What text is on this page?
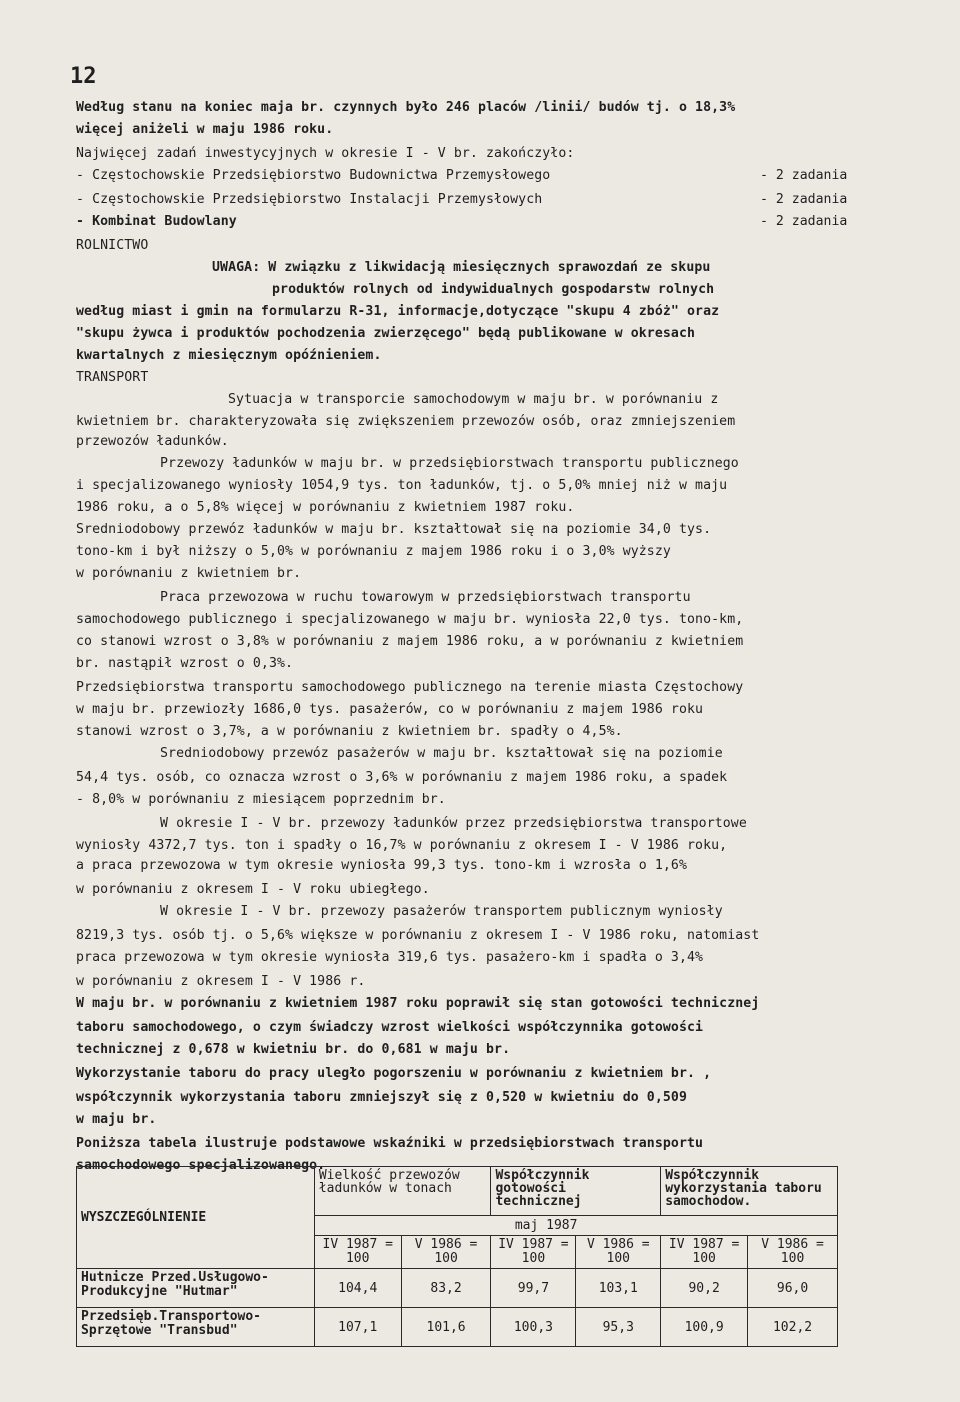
12
Według stanu na koniec maja br. czynnych było 246 placów /linii/ budów tj. o 18,3%
więcej aniżeli w maju 1986 roku.
Najwięcej zadań inwestycyjnych w okresie I - V br. zakończyło:
- Częstochowskie Przedsiębiorstwo Budownictwa Przemysłowego	- 2 zadania
- Częstochowskie Przedsiębiorstwo Instalacji Przemysłowych	- 2 zadania
- Kombinat Budowlany	- 2 zadania
ROLNICTWO
UWAGA: W związku z likwidacją miesięcznych sprawozdań ze skupu
produktów rolnych od indywidualnych gospodarstw rolnych
według miast i gmin na formularzu R-31, informacje,dotyczące "skupu 4 zbóż" oraz
"skupu żywca i produktów pochodzenia zwierzęcego" będą publikowane w okresach
kwartalnych z miesięcznym opóźnieniem.
TRANSPORT
Sytuacja w transporcie samochodowym w maju br. w porównaniu z
kwietniem br. charakteryzowała się zwiększeniem przewozów osób, oraz zmniejszeniem
przewozów ładunków.
Przewozy ładunków w maju br. w przedsiębiorstwach transportu publicznego
i specjalizowanego wyniosły 1054,9 tys. ton ładunków, tj. o 5,0% mniej niż w maju
1986 roku, a o 5,8% więcej w porównaniu z kwietniem 1987 roku.
Średniodobowy przewóz ładunków w maju br. kształtował się na poziomie 34,0 tys.
tono-km i był niższy o 5,0% w porównaniu z majem 1986 roku i o 3,0% wyższy
w porównaniu z kwietniem br.
Praca przewozowa w ruchu towarowym w przedsiębiorstwach transportu
samochodowego publicznego i specjalizowanego w maju br. wyniosła 22,0 tys. tono-km,
co stanowi wzrost o 3,8% w porównaniu z majem 1986 roku, a w porównaniu z kwietniem
br. nastąpił wzrost o 0,3%.
Przedsiębiorstwa transportu samochodowego publicznego na terenie miasta Częstochowy
w maju br. przewiozły 1686,0 tys. pasażerów, co w porównaniu z majem 1986 roku
stanowi wzrost o 3,7%, a w porównaniu z kwietniem br. spadły o 4,5%.
Średniodobowy przewóz pasażerów w maju br. kształtował się na poziomie
54,4 tys. osób, co oznacza wzrost o 3,6% w porównaniu z majem 1986 roku, a spadek
- 8,0% w porównaniu z miesiącem poprzednim br.
W okresie I - V br. przewozy ładunków przez przedsiębiorstwa transportowe
wyniosły 4372,7 tys. ton i spadły o 16,7% w porównaniu z okresem I - V 1986 roku,
a praca przewozowa w tym okresie wyniosła 99,3 tys. tono-km i wzrosła o 1,6%
w porównaniu z okresem I - V roku ubiegłego.
W okresie I - V br. przewozy pasażerów transportem publicznym wyniosły
8219,3 tys. osób tj. o 5,6% większe w porównaniu z okresem I - V 1986 roku, natomiast
praca przewozowa w tym okresie wyniosła 319,6 tys. pasażero-km i spadła o 3,4%
w porównaniu z okresem I - V 1986 r.
W maju br. w porównaniu z kwietniem 1987 roku poprawił się stan gotowości technicznej
taboru samochodowego, o czym świadczy wzrost wielkości współczynnika gotowości
technicznej z 0,678 w kwietniu br. do 0,681 w maju br.
Wykorzystanie taboru do pracy uległo pogorszeniu w porównaniu z kwietniem br. ,
współczynnik wykorzystania taboru zmniejszył się z 0,520 w kwietniu do 0,509
w maju br.
Poniższa tabela ilustruje podstawowe wskaźniki w przedsiębiorstwach transportu
samochodowego specjalizowanego.
WYSZCZEGÓLNIENIE	Wielkość przewozów ładunków w tonach		Współczynnik gotowości technicznej		Współczynnik wykorzystania taboru samochodow.	
	maj 1987					
	IV 1987 = 100	V 1986 = 100	IV 1987 = 100	V 1986 = 100	IV 1987 = 100	V 1986 = 100
Hutnicze Przed.Usługowo-Produkcyjne "Hutmar"	104,4	83,2	99,7	103,1	90,2	96,0
Przedsięb.Transportowo-Sprzętowe "Transbud"	107,1	101,6	100,3	95,3	100,9	102,2
